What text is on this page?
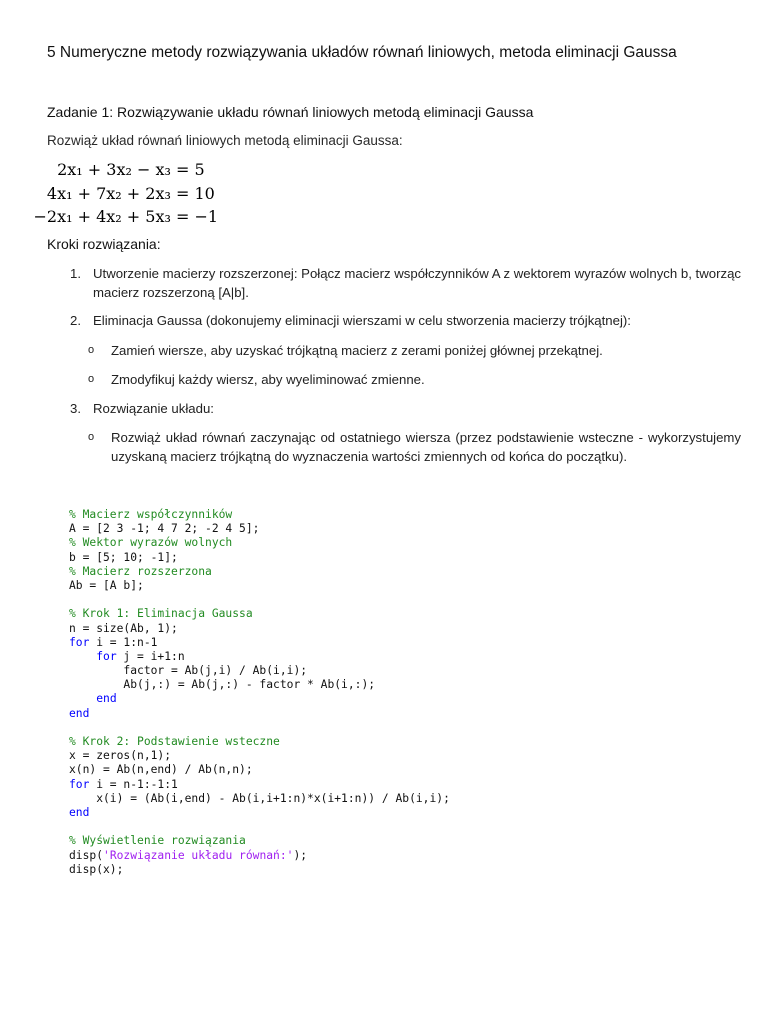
5 Numeryczne metody rozwiązywania układów równań liniowych, metoda eliminacji Gaussa
Zadanie 1: Rozwiązywanie układu równań liniowych metodą eliminacji Gaussa
Rozwiąż układ równań liniowych metodą eliminacji Gaussa:
2x₁ + 3x₂ − x₃
= 5
4x₁ + 7x₂ + 2x₃
= 10
−2x₁ + 4x₂ + 5x₃
= −1
Kroki rozwiązania:
1. Utworzenie macierzy rozszerzonej: Połącz macierz współczynników A z wektorem wyrazów wolnych b, tworząc macierz rozszerzoną [A|b].
2. Eliminacja Gaussa (dokonujemy eliminacji wierszami w celu stworzenia macierzy trójkątnej):
o Zamień wiersze, aby uzyskać trójkątną macierz z zerami poniżej głównej przekątnej.
o Zmodyfikuj każdy wiersz, aby wyeliminować zmienne.
3. Rozwiązanie układu:
o Rozwiąż układ równań zaczynając od ostatniego wiersza (przez podstawienie wsteczne - wykorzystujemy uzyskaną macierz trójkątną do wyznaczenia wartości zmiennych od końca do początku).
% Macierz współczynników
A = [2 3 -1; 4 7 2; -2 4 5];
% Wektor wyrazów wolnych
b = [5; 10; -1];
% Macierz rozszerzona
Ab = [A b];
% Krok 1: Eliminacja Gaussa
n = size(Ab, 1);
for i = 1:n-1
for j = i+1:n
factor = Ab(j,i) / Ab(i,i);
Ab(j,:) = Ab(j,:) - factor * Ab(i,:);
end
end
% Krok 2: Podstawienie wsteczne
x = zeros(n,1);
x(n) = Ab(n,end) / Ab(n,n);
for i = n-1:-1:1
x(i) = (Ab(i,end) - Ab(i,i+1:n)*x(i+1:n)) / Ab(i,i);
end
% Wyświetlenie rozwiązania
disp('Rozwiązanie układu równań:');
disp(x);
